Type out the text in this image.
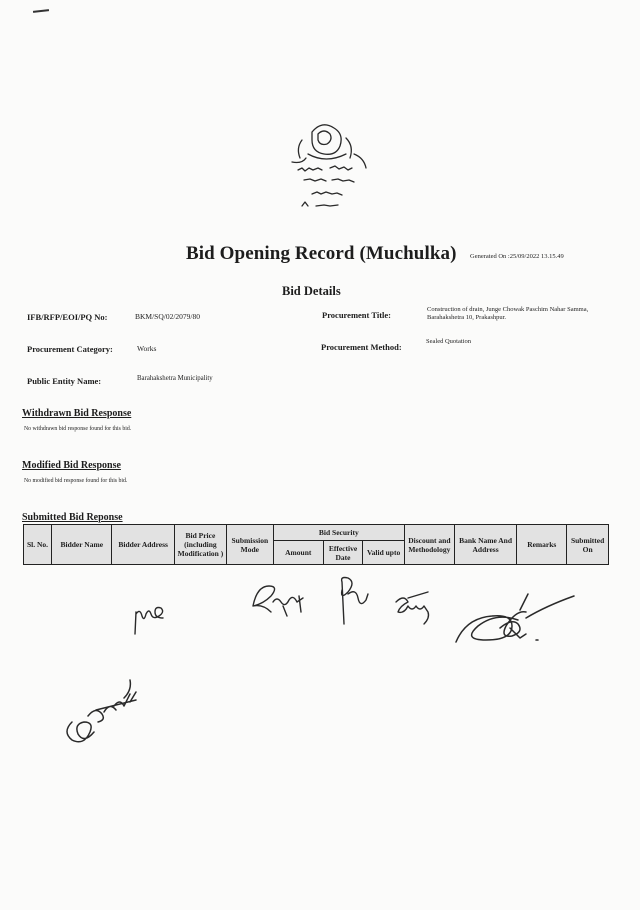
Bid Opening Record (Muchulka) Generated On :25/09/2022 13.15.49
Bid Details
IFB/RFP/EOI/PQ No:	BKM/SQ/02/2079/80	Procurement Title:
Construction of drain, Junge Chowak Paschim Nahar Samma, Barahakshetra 10, Prakashpur.
Procurement Category:	Works	Procurement Method:
Sealed Quotation
Public Entity Name:	Barahakshetra Municipality
Withdrawn Bid Response
No withdrawn bid response found for this bid.
Modified Bid Response
No modified bid response found for this bid.
Submitted Bid Reponse
Sl. No.	Bidder Name	Bidder Address	Bid Price (including Modification )	Submission Mode	Bid Security			Discount and Methodology	Bank Name And Address	Remarks	Submitted On
					Amount	Effective Date	Valid upto				
